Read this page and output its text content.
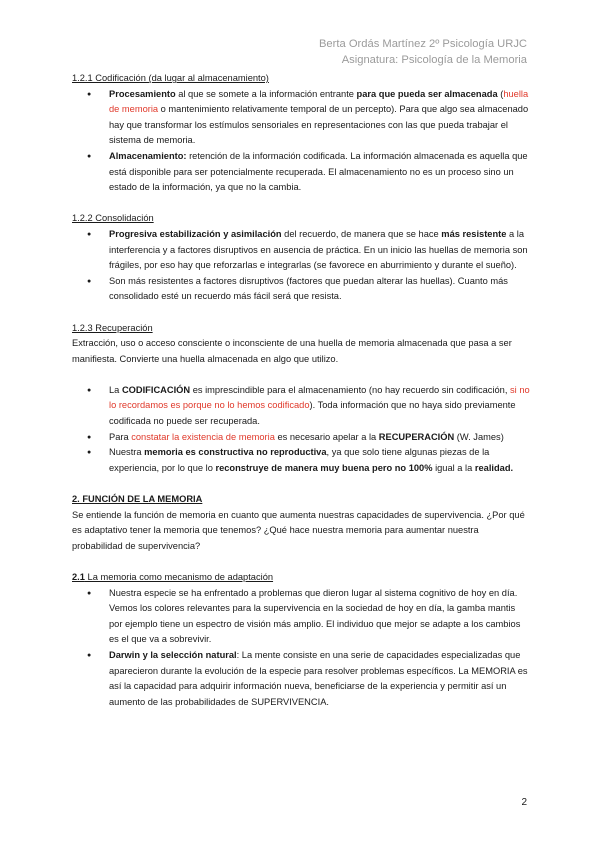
Berta Ordás Martínez 2º Psicología URJC
Asignatura: Psicología de la Memoria

1.2.1 Codificación (da lugar al almacenamiento)

● Procesamiento al que se somete a la información entrante para que pueda ser almacenada (huella de memoria o mantenimiento relativamente temporal de un percepto). Para que algo sea almacenado hay que transformar los estímulos sensoriales en representaciones con las que pueda trabajar el sistema de memoria.
● Almacenamiento: retención de la información codificada. La información almacenada es aquella que está disponible para ser potencialmente recuperada. El almacenamiento no es un proceso sino un estado de la información, ya que no la cambia.

1.2.2 Consolidación

● Progresiva estabilización y asimilación del recuerdo, de manera que se hace más resistente a la interferencia y a factores disruptivos en ausencia de práctica. En un inicio las huellas de memoria son frágiles, por eso hay que reforzarlas e integrarlas (se favorece en aburrimiento y durante el sueño).
● Son más resistentes a factores disruptivos (factores que puedan alterar las huellas). Cuanto más consolidado esté un recuerdo más fácil será que resista.

1.2.3 Recuperación

Extracción, uso o acceso consciente o inconsciente de una huella de memoria almacenada que pasa a ser manifiesta. Convierte una huella almacenada en algo que utilizo.

● La CODIFICACIÓN es imprescindible para el almacenamiento (no hay recuerdo sin codificación, si no lo recordamos es porque no lo hemos codificado). Toda información que no haya sido previamente codificada no puede ser recuperada.
● Para constatar la existencia de memoria es necesario apelar a la RECUPERACIÓN (W. James)
● Nuestra memoria es constructiva no reproductiva, ya que solo tiene algunas piezas de la experiencia, por lo que lo reconstruye de manera muy buena pero no 100% igual a la realidad.

2. FUNCIÓN DE LA MEMORIA

Se entiende la función de memoria en cuanto que aumenta nuestras capacidades de supervivencia. ¿Por qué es adaptativo tener la memoria que tenemos? ¿Qué hace nuestra memoria para aumentar nuestra probabilidad de supervivencia?

2.1 La memoria como mecanismo de adaptación

● Nuestra especie se ha enfrentado a problemas que dieron lugar al sistema cognitivo de hoy en día. Vemos los colores relevantes para la supervivencia en la sociedad de hoy en día, la gamba mantis por ejemplo tiene un espectro de visión más amplio. El individuo que mejor se adapte a los cambios es el que va a sobrevivir.
● Darwin y la selección natural: La mente consiste en una serie de capacidades especializadas que aparecieron durante la evolución de la especie para resolver problemas específicos. La MEMORIA es así la capacidad para adquirir información nueva, beneficiarse de la experiencia y permitir así un aumento de las probabilidades de SUPERVIVENCIA.
2
